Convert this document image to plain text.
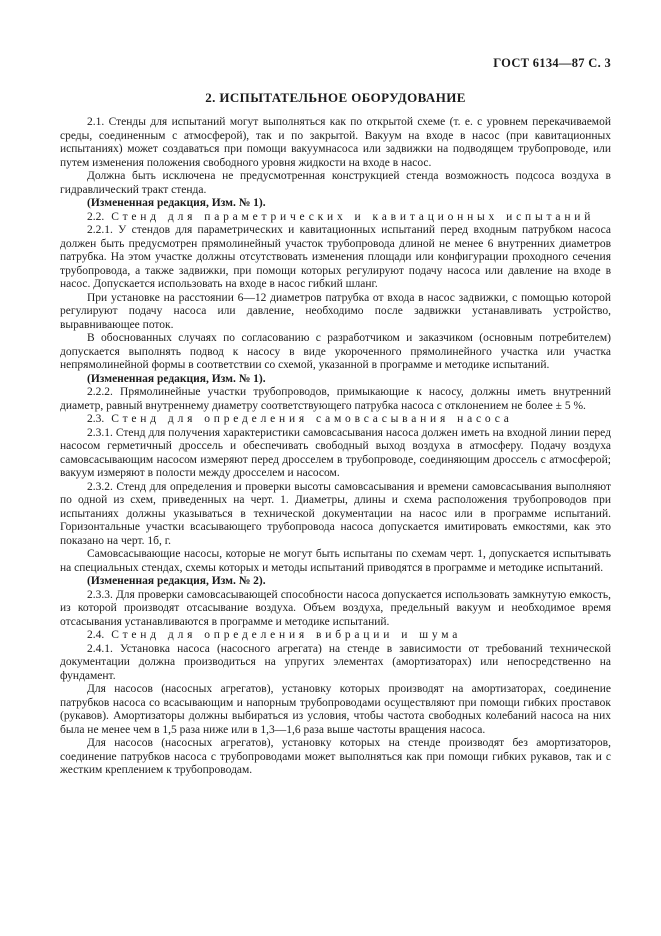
ГОСТ 6134—87 С. 3
2. ИСПЫТАТЕЛЬНОЕ ОБОРУДОВАНИЕ

2.1. Стенды для испытаний могут выполняться как по открытой схеме (т. е. с уровнем перекачиваемой среды, соединенным с атмосферой), так и по закрытой. Вакуум на входе в насос (при кавитационных испытаниях) может создаваться при помощи вакуумнасоса или задвижки на подводящем трубопроводе, или путем изменения положения свободного уровня жидкости на входе в насос.

Должна быть исключена не предусмотренная конструкцией стенда возможность подсоса воздуха в гидравлический тракт стенда.

(Измененная редакция, Изм. № 1).

2.2. Стенд для параметрических и кавитационных испытаний

2.2.1. У стендов для параметрических и кавитационных испытаний перед входным патрубком насоса должен быть предусмотрен прямолинейный участок трубопровода длиной не менее 6 внутренних диаметров патрубка. На этом участке должны отсутствовать изменения площади или конфигурации проходного сечения трубопровода, а также задвижки, при помощи которых регулируют подачу насоса или давление на входе в насос. Допускается использовать на входе в насос гибкий шланг.

При установке на расстоянии 6—12 диаметров патрубка от входа в насос задвижки, с помощью которой регулируют подачу насоса или давление, необходимо после задвижки устанавливать устройство, выравнивающее поток.

В обоснованных случаях по согласованию с разработчиком и заказчиком (основным потребителем) допускается выполнять подвод к насосу в виде укороченного прямолинейного участка или участка непрямолинейной формы в соответствии со схемой, указанной в программе и методике испытаний.

(Измененная редакция, Изм. № 1).

2.2.2. Прямолинейные участки трубопроводов, примыкающие к насосу, должны иметь внутренний диаметр, равный внутреннему диаметру соответствующего патрубка насоса с отклонением не более ± 5 %.

2.3. Стенд для определения самовсасывания насоса

2.3.1. Стенд для получения характеристики самовсасывания насоса должен иметь на входной линии перед насосом герметичный дроссель и обеспечивать свободный выход воздуха в атмосферу. Подачу воздуха самовсасывающим насосом измеряют перед дросселем в трубопроводе, соединяющим дроссель с атмосферой; вакуум измеряют в полости между дросселем и насосом.

2.3.2. Стенд для определения и проверки высоты самовсасывания и времени самовсасывания выполняют по одной из схем, приведенных на черт. 1. Диаметры, длины и схема расположения трубопроводов при испытаниях должны указываться в технической документации на насос или в программе испытаний. Горизонтальные участки всасывающего трубопровода насоса допускается имитировать емкостями, как это показано на черт. 1б, г.

Самовсасывающие насосы, которые не могут быть испытаны по схемам черт. 1, допускается испытывать на специальных стендах, схемы которых и методы испытаний приводятся в программе и методике испытаний.

(Измененная редакция, Изм. № 2).

2.3.3. Для проверки самовсасывающей способности насоса допускается использовать замкнутую емкость, из которой производят отсасывание воздуха. Объем воздуха, предельный вакуум и необходимое время отсасывания устанавливаются в программе и методике испытаний.

2.4. Стенд для определения вибрации и шума

2.4.1. Установка насоса (насосного агрегата) на стенде в зависимости от требований технической документации должна производиться на упругих элементах (амортизаторах) или непосредственно на фундамент.

Для насосов (насосных агрегатов), установку которых производят на амортизаторах, соединение патрубков насоса со всасывающим и напорным трубопроводами осуществляют при помощи гибких проставок (рукавов). Амортизаторы должны выбираться из условия, чтобы частота свободных колебаний насоса на них была не менее чем в 1,5 раза ниже или в 1,3—1,6 раза выше частоты вращения насоса.

Для насосов (насосных агрегатов), установку которых на стенде производят без амортизаторов, соединение патрубков насоса с трубопроводами может выполняться как при помощи гибких рукавов, так и с жестким креплением к трубопроводам.
